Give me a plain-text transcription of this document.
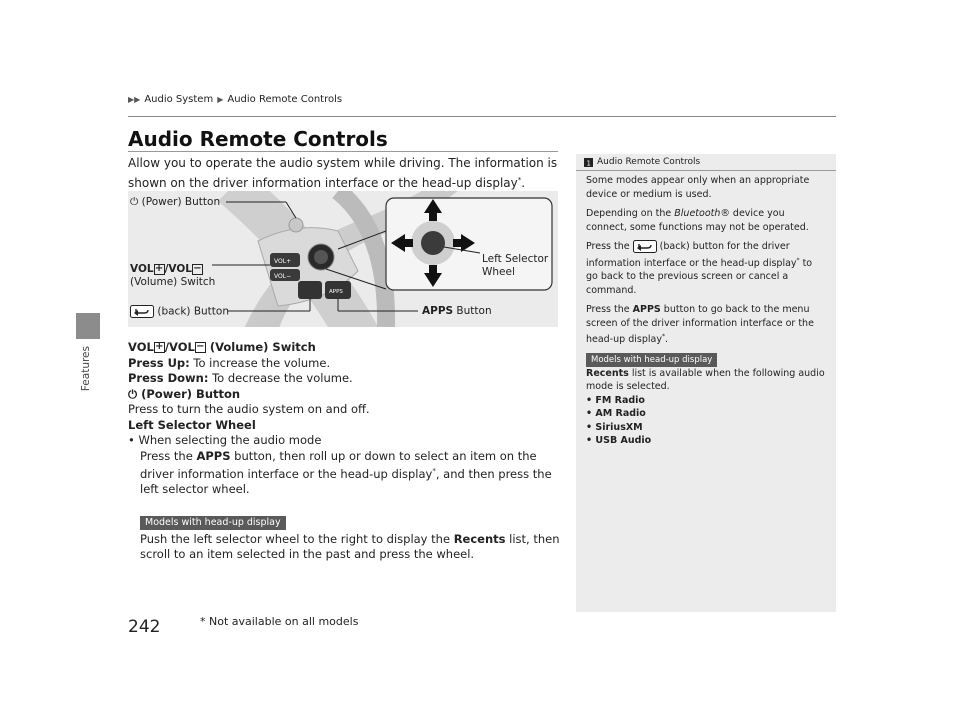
Features
▶▶ Audio System ▶ Audio Remote Controls
Audio Remote Controls
Allow you to operate the audio system while driving. The information is shown on the driver information interface or the head-up display*.
VOL+
VOL−
APPS
⏻ (Power) Button
VOL+/VOL−
(Volume) Switch
(back) Button	APPS Button
Left Selector
Wheel

VOL+/VOL− (Volume) Switch

Press Up: To increase the volume.

Press Down: To decrease the volume.

⏻ (Power) Button

Press to turn the audio system on and off.

Left Selector Wheel

• When selecting the audio mode

Press the APPS button, then roll up or down to select an item on the driver information interface or the head-up display*, and then press the left selector wheel.

Models with head-up display

Push the left selector wheel to the right to display the Recents list, then scroll to an item selected in the past and press the wheel.

1 Audio Remote Controls

Some modes appear only when an appropriate device or medium is used.

Depending on the Bluetooth® device you connect, some functions may not be operated.

Press the	(back) button for the driver information interface or the head-up display* to go back to the previous screen or cancel a command.

Press the APPS button to go back to the menu screen of the driver information interface or the head-up display*.

Models with head-up display

Recents list is available when the following audio mode is selected.

• FM Radio
• AM Radio
• SiriusXM
• USB Audio
242	* Not available on all models
